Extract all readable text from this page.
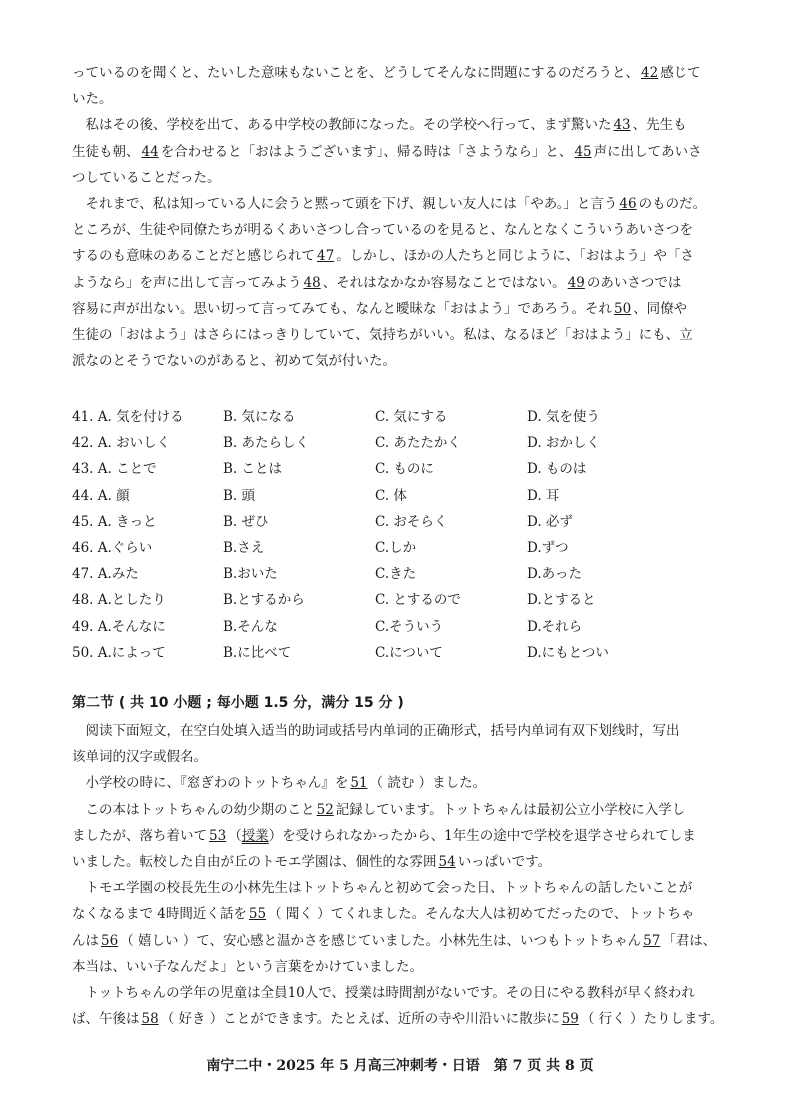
っているのを聞くと、たいした意味もないことを、どうしてそんなに問題にするのだろうと、 42 感じて

いた。

　私はその後、学校を出て、ある中学校の教師になった。その学校へ行って、まず驚いた 43 、先生も

生徒も朝、 44 を合わせると「おはようございます」、帰る時は「さようなら」と、 45 声に出してあいさ

つしていることだった。

　それまで、私は知っている人に会うと黙って頭を下げ、親しい友人には「やあ。」と言う 46 のものだ。

ところが、生徒や同僚たちが明るくあいさつし合っているのを見ると、なんとなくこういうあいさつを

するのも意味のあることだと感じられて 47 。しかし、ほかの人たちと同じように、「おはよう」や「さ

ようなら」を声に出して言ってみよう 48 、それはなかなか容易なことではない。 49 のあいさつでは

容易に声が出ない。思い切って言ってみても、なんと曖昧な「おはよう」であろう。それ 50 、同僚や

生徒の「おはよう」はさらにはっきりしていて、気持ちがいい。私は、なるほど「おはよう」にも、立

派なのとそうでないのがあると、初めて気が付いた。

41. A. 気を付ける	B. 気になる	C. 気にする	D. 気を使う
42. A. おいしく	B. あたらしく	C. あたたかく	D. おかしく
43. A. ことで	B. ことは	C. ものに	D. ものは
44. A. 顔	B. 頭	C. 体	D. 耳
45. A. きっと	B. ぜひ	C. おそらく	D. 必ず
46. A.ぐらい	B.さえ	C.しか	D.ずつ
47. A.みた	B.おいた	C.きた	D.あった
48. A.としたり	B.とするから	C. とするので	D.とすると
49. A.そんなに	B.そんな	C.そういう	D.それら
50. A.によって	B.に比べて	C.について	D.にもとつい
第二节 ( 共 10 小题 ; 每小题 1.5 分，满分 15 分 )

　阅读下面短文，在空白处填入适当的助词或括号内单词的正确形式，括号内单词有双下划线时，写出

该单词的汉字或假名。

　小学校の時に、『窓ぎわのトットちゃん』を 51 （ 読む ）ました。

　この本はトットちゃんの幼少期のこと 52 記録しています。トットちゃんは最初公立小学校に入学し

ましたが、落ち着いて 53 （授業）を受けられなかったから、1年生の途中で学校を退学させられてしま

いました。転校した自由が丘のトモエ学園は、個性的な雰囲 54 いっぱいです。

　トモエ学園の校長先生の小林先生はトットちゃんと初めて会った日、トットちゃんの話したいことが

なくなるまで 4時間近く話を 55 （ 聞く ）てくれました。そんな大人は初めてだったので、トットちゃ

んは 56 （ 嬉しい ）て、安心感と温かさを感じていました。小林先生は、いつもトットちゃん 57 「君は、

本当は、いい子なんだよ」という言葉をかけていました。

　トットちゃんの学年の児童は全員10人で、授業は時間割がないです。その日にやる教科が早く終われ

ば、午後は 58 （ 好き ）ことができます。たとえば、近所の寺や川沿いに散歩に 59 （ 行く ）たりします。

南宁二中・2025 年 5 月高三冲刺考・日语　第 7 页 共 8 页
